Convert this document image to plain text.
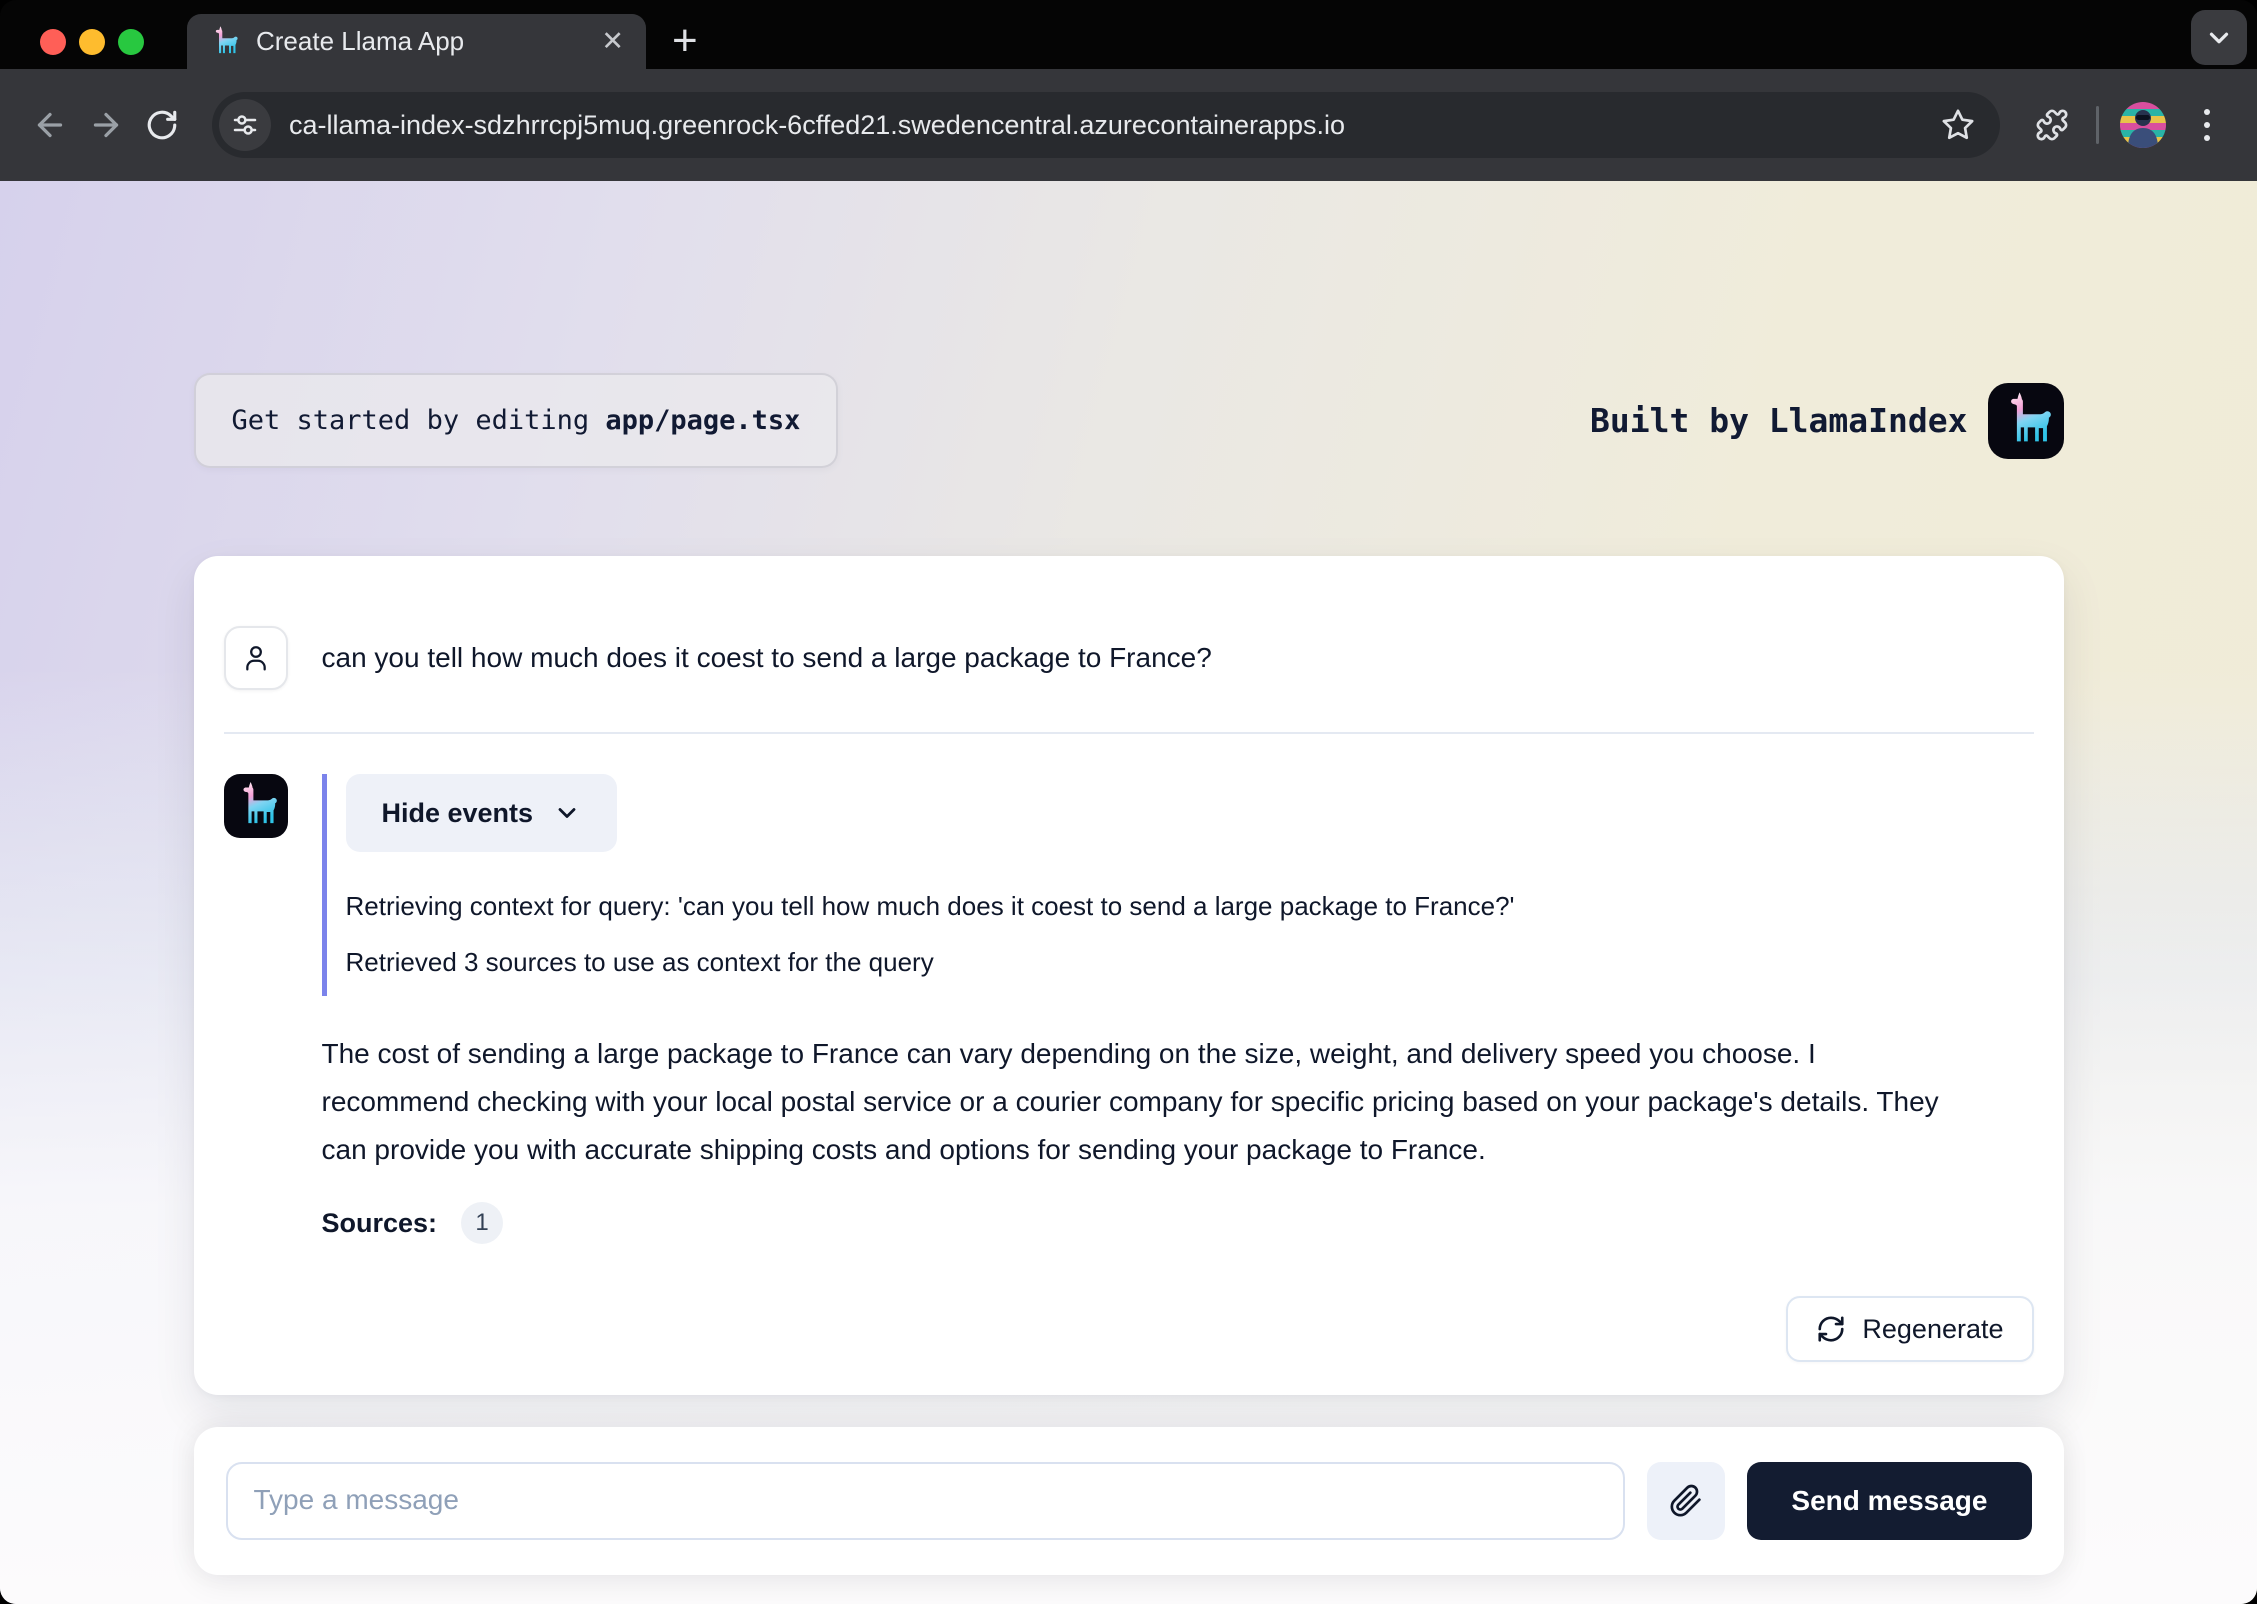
Create Llama App	✕ +
ca-llama-index-sdzhrrcpj5muq.greenrock-6cffed21.swedencentral.azurecontainerapps.io
Get started by editing app/page.tsx	Built by LlamaIndex
can you tell how much does it coest to send a large package to France?
Hide events
Retrieving context for query: 'can you tell how much does it coest to send a large package to France?'
Retrieved 3 sources to use as context for the query
The cost of sending a large package to France can vary depending on the size, weight, and delivery speed you choose. I recommend checking with your local postal service or a courier company for specific pricing based on your package's details. They can provide you with accurate shipping costs and options for sending your package to France.
Sources:	1
Regenerate
Type a message
Send message
